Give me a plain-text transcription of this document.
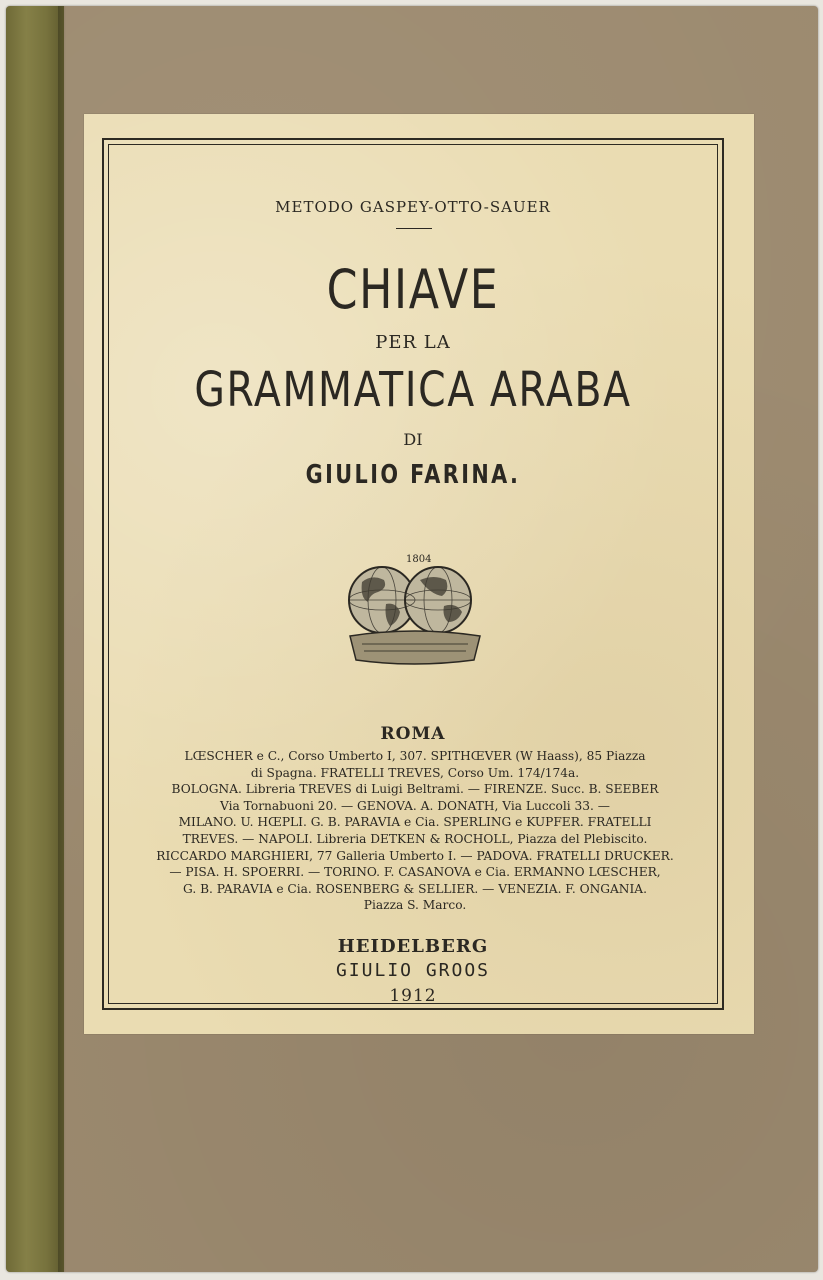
METODO GASPEY-OTTO-SAUER
CHIAVE
PER LA
GRAMMATICA ARABA
DI
GIULIO FARINA.
1804
ROMA
LŒSCHER e C., Corso Umberto I, 307. SPITHŒVER (W Haass), 85 Piazza
di Spagna. FRATELLI TREVES, Corso Um. 174/174a.
BOLOGNA. Libreria TREVES di Luigi Beltrami. — FIRENZE. Succ. B. SEEBER
Via Tornabuoni 20. — GENOVA. A. DONATH, Via Luccoli 33. —
MILANO. U. HŒPLI. G. B. PARAVIA e Cia. SPERLING e KUPFER. FRATELLI
TREVES. — NAPOLI. Libreria DETKEN & ROCHOLL, Piazza del Plebiscito.
RICCARDO MARGHIERI, 77 Galleria Umberto I. — PADOVA. FRATELLI DRUCKER.
— PISA. H. SPOERRI. — TORINO. F. CASANOVA e Cia. ERMANNO LŒSCHER,
G. B. PARAVIA e Cia. ROSENBERG & SELLIER. — VENEZIA. F. ONGANIA.
Piazza S. Marco.
HEIDELBERG
GIULIO GROOS
1912
